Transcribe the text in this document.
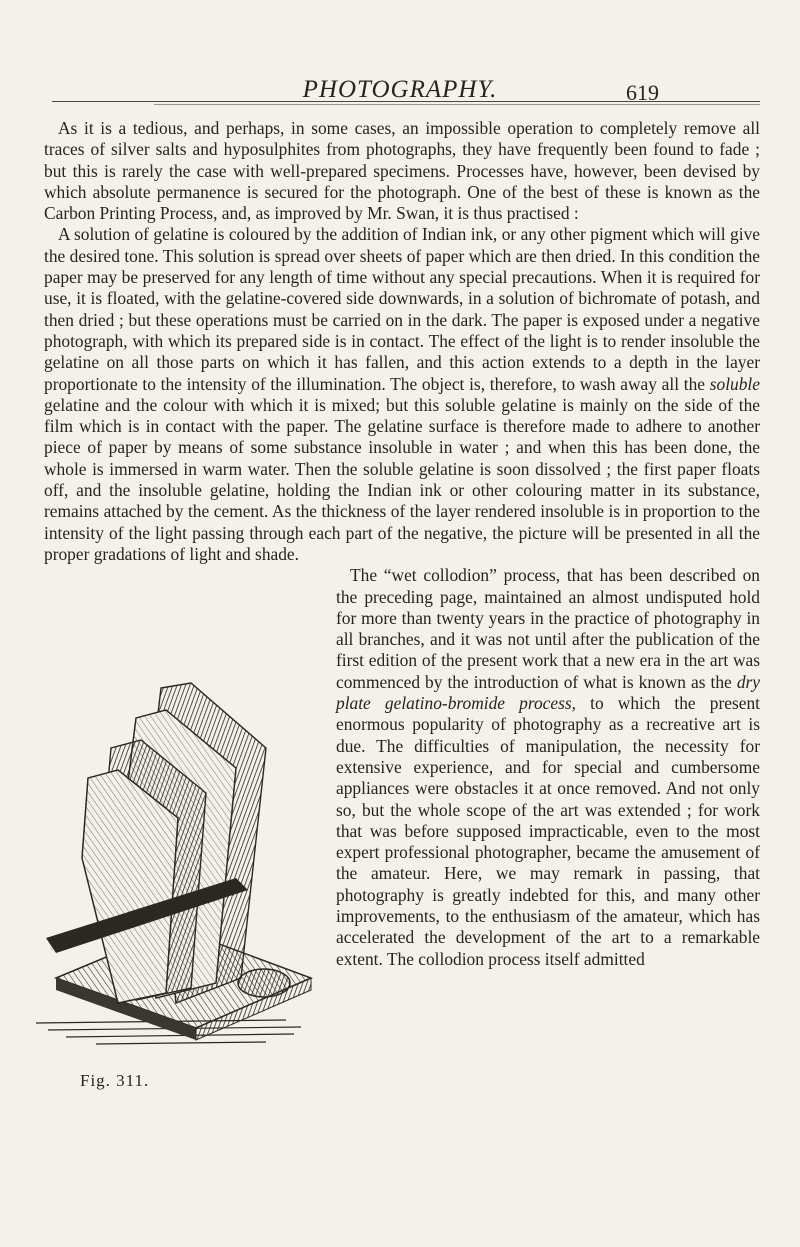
PHOTOGRAPHY.	619
Fig. 311.

As it is a tedious, and perhaps, in some cases, an impossible operation to completely remove all traces of silver salts and hyposulphites from photographs, they have frequently been found to fade ; but this is rarely the case with well-prepared specimens. Processes have, however, been devised by which absolute permanence is secured for the photograph. One of the best of these is known as the Carbon Printing Process, and, as improved by Mr. Swan, it is thus practised :

A solution of gelatine is coloured by the addition of Indian ink, or any other pigment which will give the desired tone. This solution is spread over sheets of paper which are then dried. In this condition the paper may be preserved for any length of time without any special precautions. When it is required for use, it is floated, with the gelatine-covered side downwards, in a solution of bichromate of potash, and then dried ; but these operations must be carried on in the dark. The paper is exposed under a negative photograph, with which its prepared side is in contact. The effect of the light is to render insoluble the gelatine on all those parts on which it has fallen, and this action extends to a depth in the layer proportionate to the intensity of the illumination. The object is, therefore, to wash away all the soluble gelatine and the colour with which it is mixed; but this soluble gelatine is mainly on the side of the film which is in contact with the paper. The gelatine surface is therefore made to adhere to another piece of paper by means of some substance insoluble in water ; and when this has been done, the whole is immersed in warm water. Then the soluble gelatine is soon dissolved ; the first paper floats off, and the insoluble gelatine, holding the Indian ink or other colouring matter in its substance, remains attached by the cement. As the thickness of the layer rendered insoluble is in proportion to the intensity of the light passing through each part of the negative, the picture will be presented in all the proper gradations of light and shade.

The “wet collodion” process, that has been described on the preceding page, maintained an almost undisputed hold for more than twenty years in the practice of photography in all branches, and it was not until after the publication of the first edition of the present work that a new era in the art was commenced by the introduction of what is known as the dry plate gelatino-bromide process, to which the present enormous popularity of photography as a recreative art is due. The difficulties of manipulation, the necessity for extensive experience, and for special and cumbersome appliances were obstacles it at once removed. And not only so, but the whole scope of the art was extended ; for work that was before supposed impracticable, even to the most expert professional photographer, became the amusement of the amateur. Here, we may remark in passing, that photography is greatly indebted for this, and many other improvements, to the enthusiasm of the amateur, which has accelerated the development of the art to a remarkable extent. The collodion process itself admitted
